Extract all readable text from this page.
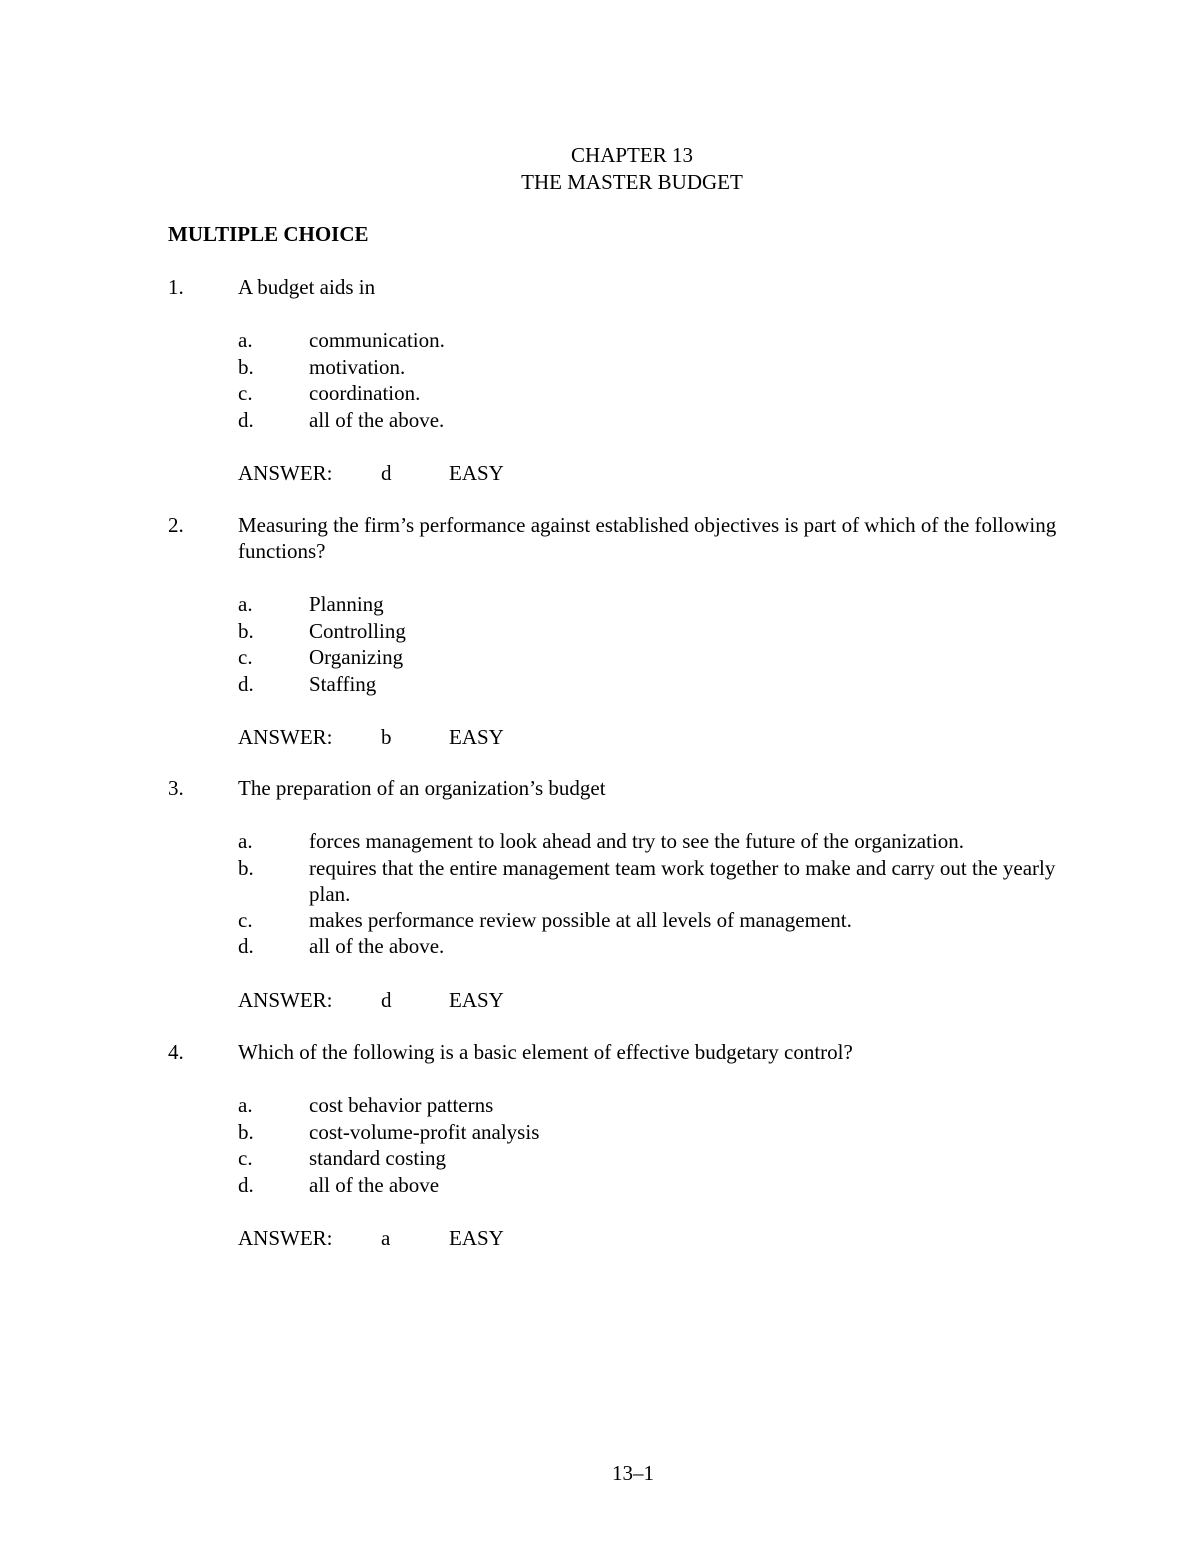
CHAPTER 13
THE MASTER BUDGET
MULTIPLE CHOICE
1.	A budget aids in
a.	communication.
b.	motivation.
c.	coordination.
d.	all of the above.
ANSWER:	d	EASY
2.	Measuring the firm’s performance against established objectives is part of which of the following functions?
a.	Planning
b.	Controlling
c.	Organizing
d.	Staffing
ANSWER:	b	EASY
3.	The preparation of an organization’s budget
a.	forces management to look ahead and try to see the future of the organization.
b.	requires that the entire management team work together to make and carry out the yearly plan.
c.	makes performance review possible at all levels of management.
d.	all of the above.
ANSWER:	d	EASY
4.	Which of the following is a basic element of effective budgetary control?
a.	cost behavior patterns
b.	cost-volume-profit analysis
c.	standard costing
d.	all of the above
ANSWER:	a	EASY
13–1
